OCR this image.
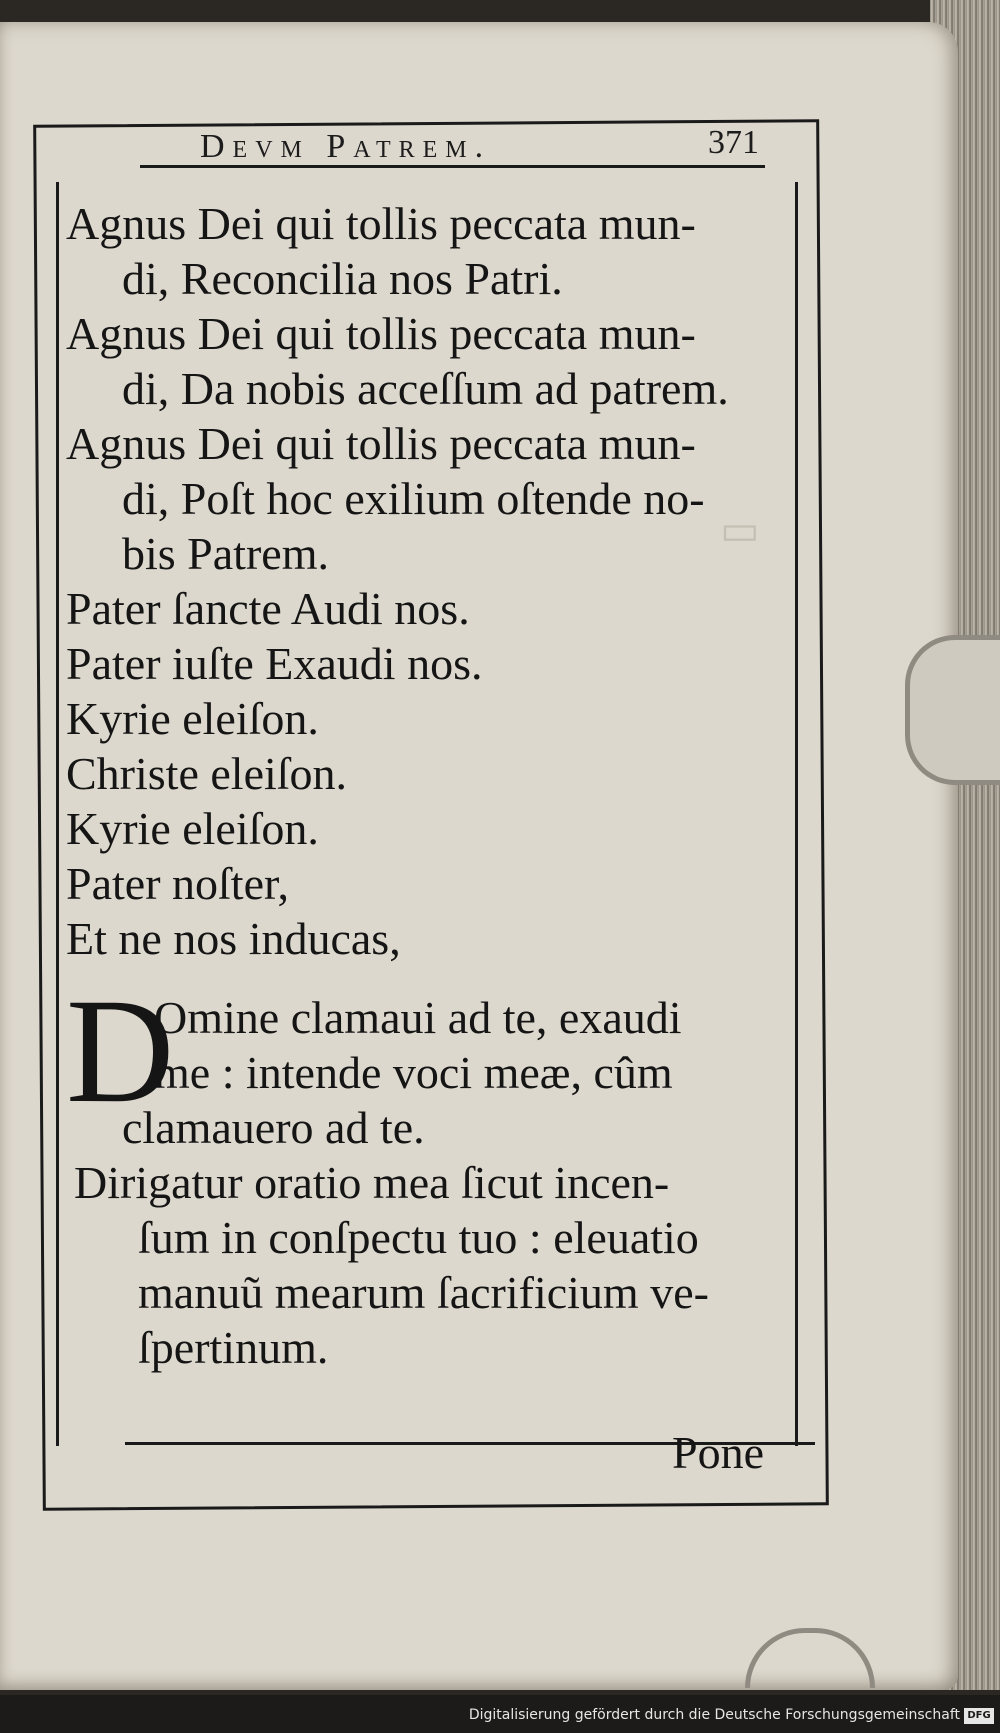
▭
Devm Patrem.	371
Agnus Dei qui tollis peccata mun-
di, Reconcilia nos Patri.
Agnus Dei qui tollis peccata mun-
di, Da nobis acceſſum ad patrem.
Agnus Dei qui tollis peccata mun-
di, Poſt hoc exilium oſtende no-
bis Patrem.
Pater ſancte Audi nos.
Pater iuſte Exaudi nos.
Kyrie eleiſon.
Christe eleiſon.
Kyrie eleiſon.
Pater noſter,
Et ne nos inducas,
D
Omine clamaui ad te, exaudi
me : intende voci meæ, cûm
clamauero ad te.
Dirigatur oratio mea ſicut incen-
ſum in conſpectu tuo : eleuatio
manuũ mearum ſacrificium ve-
ſpertinum.
Pone
Digitalisierung gefördert durch die Deutsche Forschungsgemeinschaft DFG
